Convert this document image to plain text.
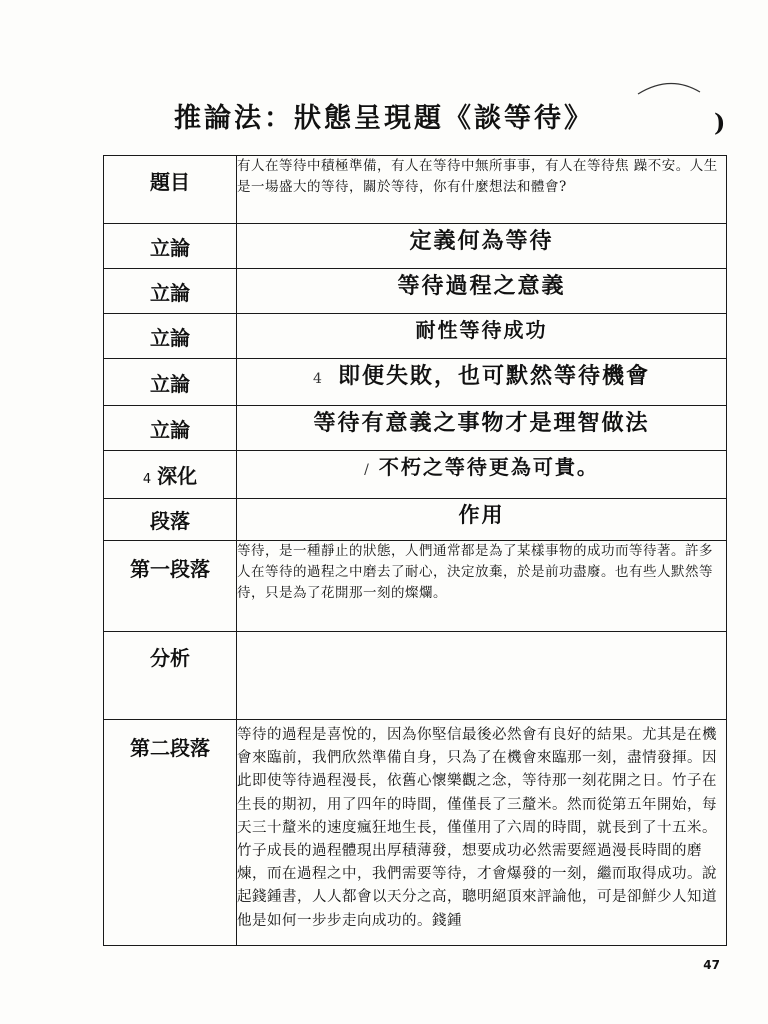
)
推論法：狀態呈現題《談等待》
題目	有人在等待中積極準備，有人在等待中無所事事，有人在等待焦 躁不安。人生是一場盛大的等待，關於等待，你有什麼想法和體會?
立論	定義何為等待
立論	等待過程之意義
立論	耐性等待成功
立論	4 即便失敗，也可默然等待機會
立論	等待有意義之事物才是理智做法
4 深化	/ 不朽之等待更為可貴。
段落	作用
第一段落	等待，是一種靜止的狀態，人們通常都是為了某樣事物的成功而等待著。許多人在等待的過程之中磨去了耐心，決定放棄，於是前功盡廢。也有些人默然等待，只是為了花開那一刻的燦爛。
分析	
第二段落	等待的過程是喜悅的，因為你堅信最後必然會有良好的結果。尤其是在機會來臨前，我們欣然準備自身，只為了在機會來臨那一刻，盡情發揮。因此即使等待過程漫長，依舊心懷樂觀之念，等待那一刻花開之日。竹子在生長的期初，用了四年的時間，僅僅長了三釐米。然而從第五年開始，每天三十釐米的速度瘋狂地生長，僅僅用了六周的時間，就長到了十五米。竹子成長的過程體現出厚積薄發，想要成功必然需要經過漫長時間的磨煉，而在過程之中，我們需要等待，才會爆發的一刻，繼而取得成功。說起錢鍾書，人人都會以天分之高，聰明絕頂來評論他，可是卻鮮少人知道他是如何一步步走向成功的。錢鍾
47
